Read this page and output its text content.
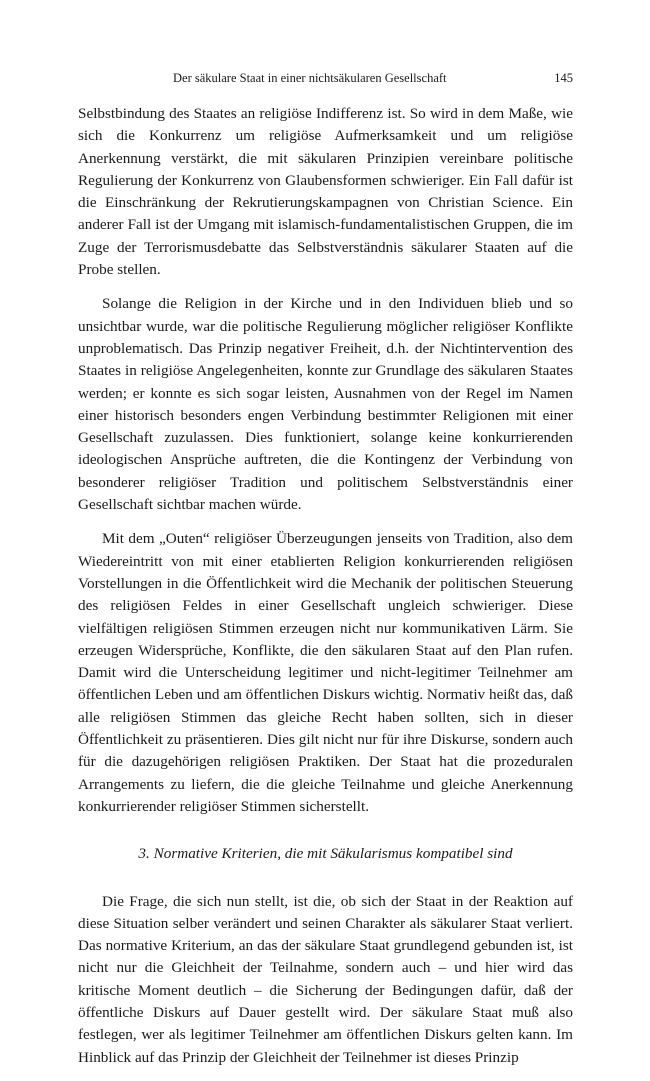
Der säkulare Staat in einer nichtsäkularen Gesellschaft	145

Selbstbindung des Staates an religiöse Indifferenz ist. So wird in dem Maße, wie sich die Konkurrenz um religiöse Aufmerksamkeit und um religiöse Anerkennung verstärkt, die mit säkularen Prinzipien vereinbare politische Regulierung der Konkurrenz von Glaubensformen schwieriger. Ein Fall dafür ist die Einschränkung der Rekrutierungskampagnen von Christian Science. Ein anderer Fall ist der Umgang mit islamisch-fundamentalistischen Gruppen, die im Zuge der Terrorismusdebatte das Selbstverständnis säkularer Staaten auf die Probe stellen.

Solange die Religion in der Kirche und in den Individuen blieb und so unsichtbar wurde, war die politische Regulierung möglicher religiöser Konflikte unproblematisch. Das Prinzip negativer Freiheit, d.h. der Nichtintervention des Staates in religiöse Angelegenheiten, konnte zur Grundlage des säkularen Staates werden; er konnte es sich sogar leisten, Ausnahmen von der Regel im Namen einer historisch besonders engen Verbindung bestimmter Religionen mit einer Gesellschaft zuzulassen. Dies funktioniert, solange keine konkurrierenden ideologischen Ansprüche auftreten, die die Kontingenz der Verbindung von besonderer religiöser Tradition und politischem Selbstverständnis einer Gesellschaft sichtbar machen würde.

Mit dem „Outen“ religiöser Überzeugungen jenseits von Tradition, also dem Wiedereintritt von mit einer etablierten Religion konkurrierenden religiösen Vorstellungen in die Öffentlichkeit wird die Mechanik der politischen Steuerung des religiösen Feldes in einer Gesellschaft ungleich schwieriger. Diese vielfältigen religiösen Stimmen erzeugen nicht nur kommunikativen Lärm. Sie erzeugen Widersprüche, Konflikte, die den säkularen Staat auf den Plan rufen. Damit wird die Unterscheidung legitimer und nicht-legitimer Teilnehmer am öffentlichen Leben und am öffentlichen Diskurs wichtig. Normativ heißt das, daß alle religiösen Stimmen das gleiche Recht haben sollten, sich in dieser Öffentlichkeit zu präsentieren. Dies gilt nicht nur für ihre Diskurse, sondern auch für die dazugehörigen religiösen Praktiken. Der Staat hat die prozeduralen Arrangements zu liefern, die die gleiche Teilnahme und gleiche Anerkennung konkurrierender religiöser Stimmen sicherstellt.

3. Normative Kriterien, die mit Säkularismus kompatibel sind

Die Frage, die sich nun stellt, ist die, ob sich der Staat in der Reaktion auf diese Situation selber verändert und seinen Charakter als säkularer Staat verliert. Das normative Kriterium, an das der säkulare Staat grundlegend gebunden ist, ist nicht nur die Gleichheit der Teilnahme, sondern auch – und hier wird das kritische Moment deutlich – die Sicherung der Bedingungen dafür, daß der öffentliche Diskurs auf Dauer gestellt wird. Der säkulare Staat muß also festlegen, wer als legitimer Teilnehmer am öffentlichen Diskurs gelten kann. Im Hinblick auf das Prinzip der Gleichheit der Teilnehmer ist dieses Prinzip
